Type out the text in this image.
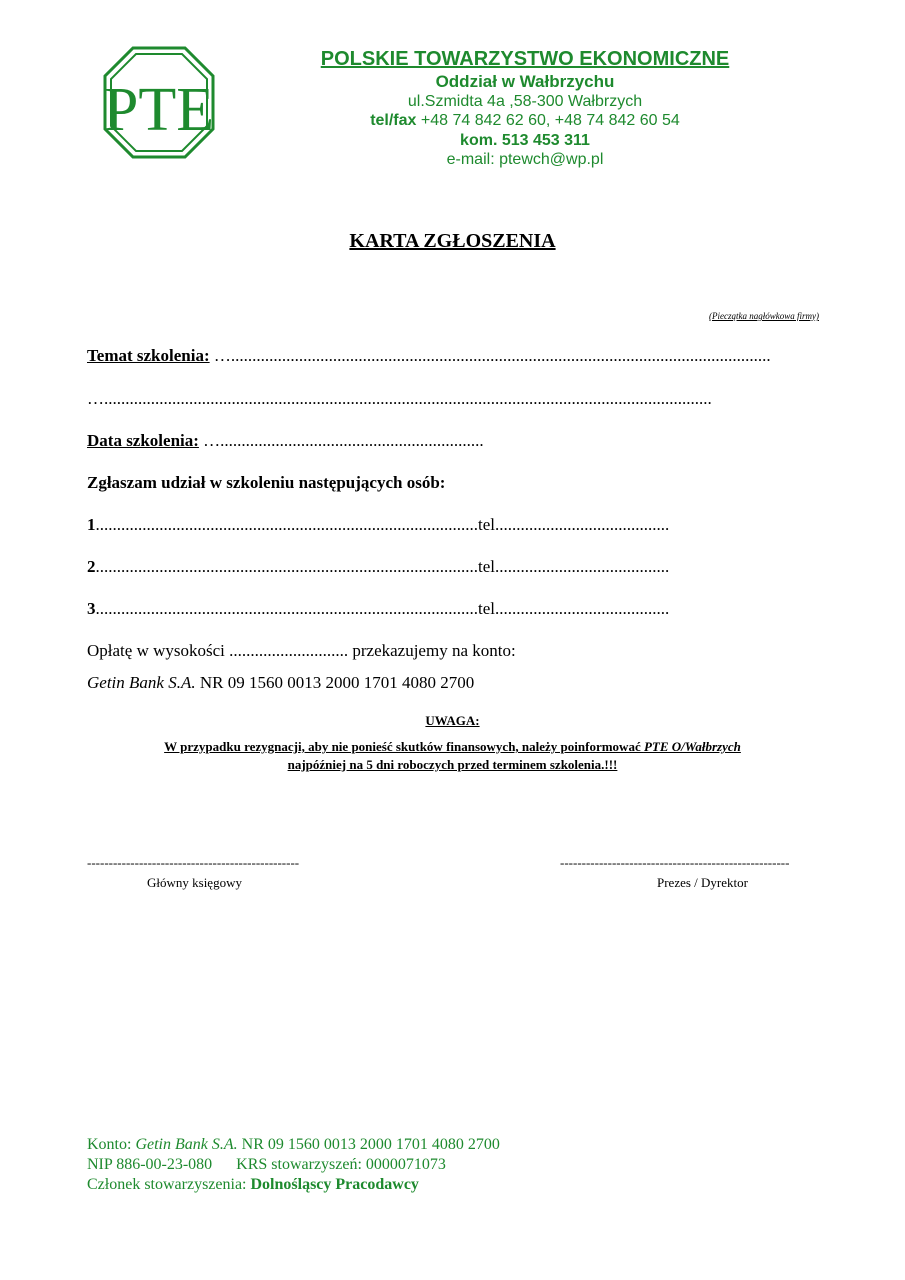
PTE
POLSKIE TOWARZYSTWO EKONOMICZNE
Oddział w Wałbrzychu
ul.Szmidta 4a ,58-300 Wałbrzych
tel/fax +48 74 842 62 60, +48 74 842 60 54
kom. 513 453 311
e-mail: ptewch@wp.pl
KARTA ZGŁOSZENIA
(Pieczątka nagłówkowa firmy)
Temat szkolenia: …...............................................................................................................................
…...............................................................................................................................................
Data szkolenia: …..............................................................
Zgłaszam udział w szkoleniu następujących osób:
1..........................................................................................tel.........................................
2..........................................................................................tel.........................................
3..........................................................................................tel.........................................
Opłatę w wysokości ............................ przekazujemy na konto:
Getin Bank S.A. NR 09 1560 0013 2000 1701 4080 2700
UWAGA:
W przypadku rezygnacji, aby nie ponieść skutków finansowych, należy poinformować PTE O/Wałbrzych
najpóźniej na 5 dni roboczych przed terminem szkolenia.!!!
-------------------------------------------------
Główny księgowy
-----------------------------------------------------
Prezes / Dyrektor
Konto: Getin Bank S.A. NR 09 1560 0013 2000 1701 4080 2700
NIP 886-00-23-080      KRS stowarzyszeń: 0000071073
Członek stowarzyszenia: Dolnośląscy Pracodawcy
